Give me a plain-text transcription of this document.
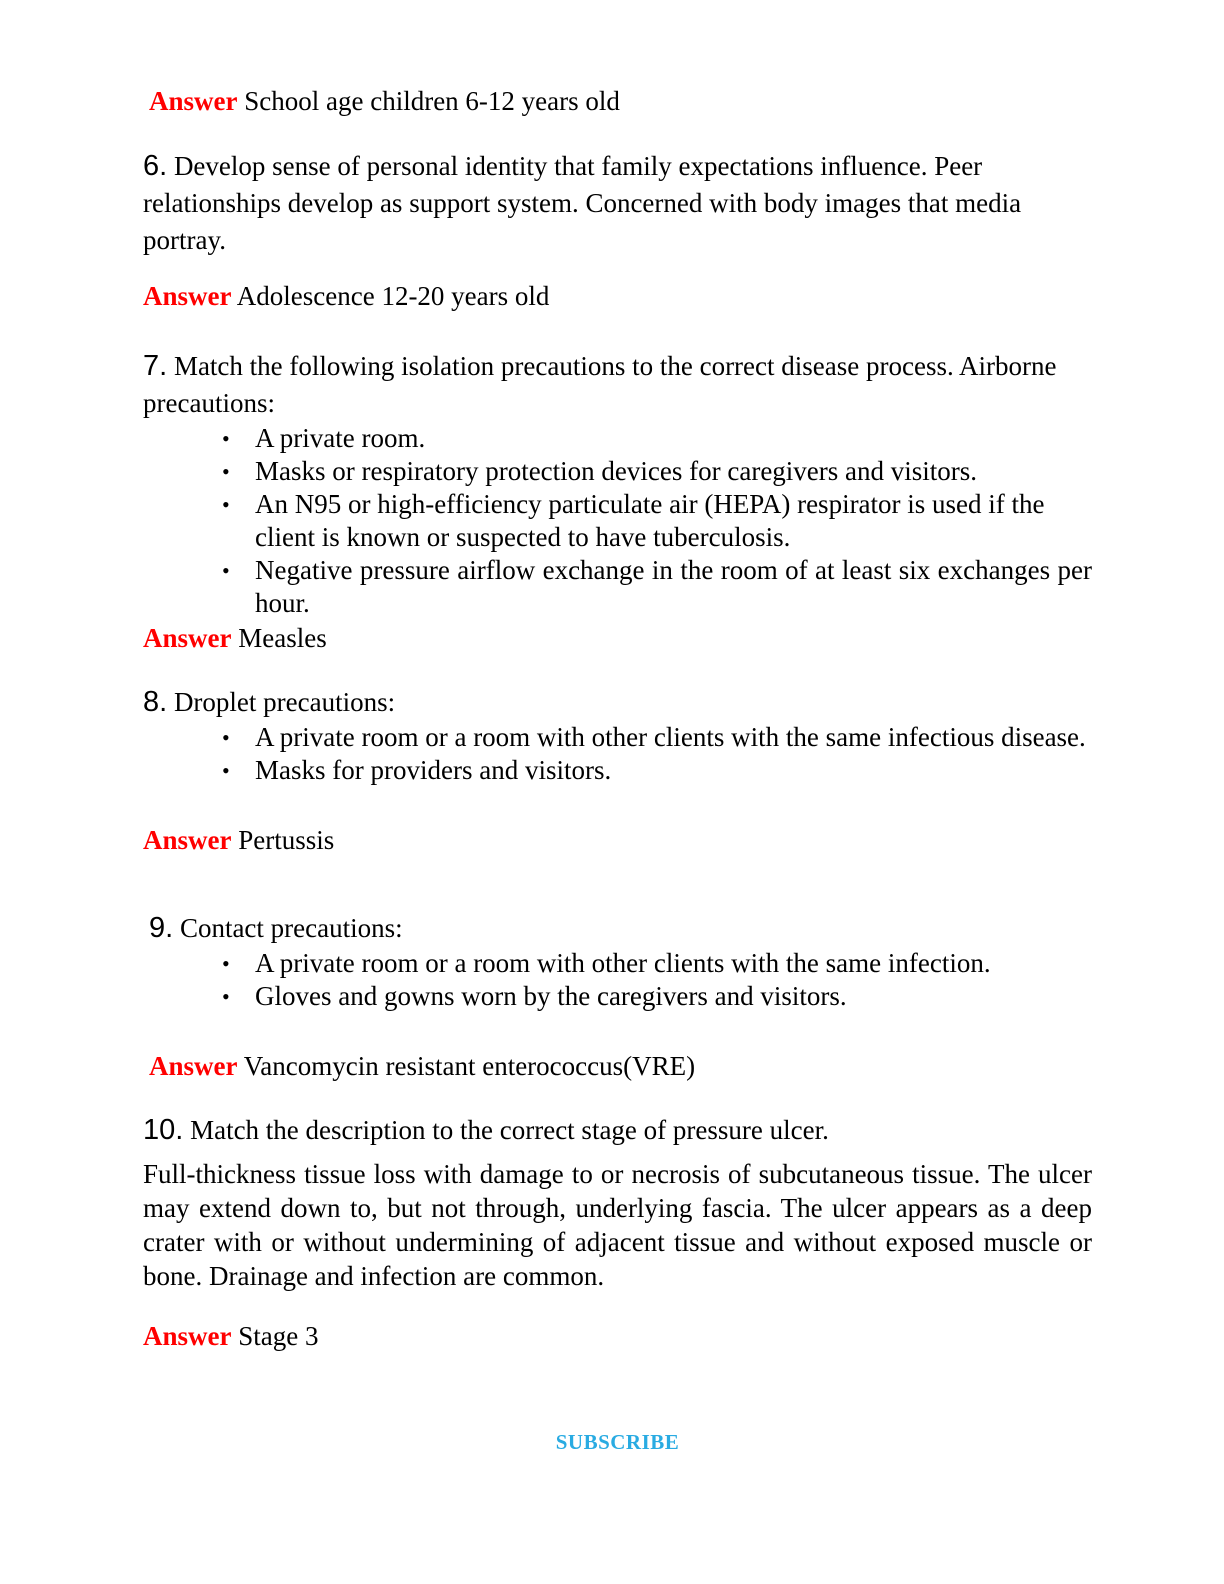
Answer School age children 6-12 years old

6. Develop sense of personal identity that family expectations influence. Peer relationships develop as support system. Concerned with body images that media portray.

Answer Adolescence 12-20 years old

7. Match the following isolation precautions to the correct disease process. Airborne precautions:

• A private room.
• Masks or respiratory protection devices for caregivers and visitors.
• An N95 or high-efficiency particulate air (HEPA) respirator is used if the client is known or suspected to have tuberculosis.
• Negative pressure airflow exchange in the room of at least six exchanges per hour.

Answer Measles

8. Droplet precautions:

• A private room or a room with other clients with the same infectious disease.
• Masks for providers and visitors.

Answer Pertussis

9. Contact precautions:

• A private room or a room with other clients with the same infection.
• Gloves and gowns worn by the caregivers and visitors.

Answer Vancomycin resistant enterococcus(VRE)

10. Match the description to the correct stage of pressure ulcer.

Full-thickness tissue loss with damage to or necrosis of subcutaneous tissue. The ulcer may extend down to, but not through, underlying fascia. The ulcer appears as a deep crater with or without undermining of adjacent tissue and without exposed muscle or bone. Drainage and infection are common.

Answer Stage 3

SUBSCRIBE
